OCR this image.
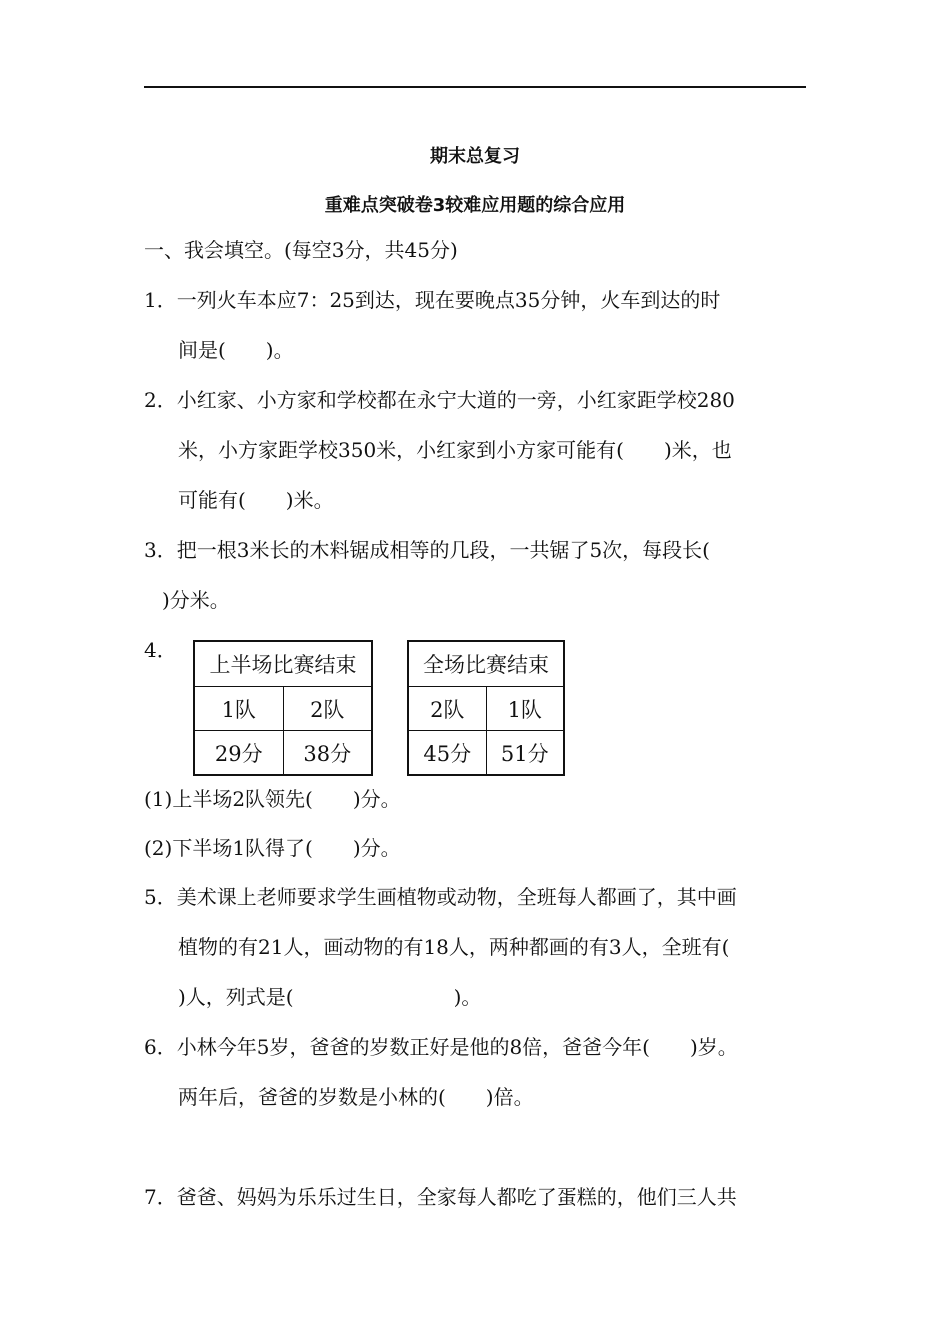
期末总复习
重难点突破卷3较难应用题的综合应用
一、我会填空。(每空3分，共45分)
1．一列火车本应7：25到达，现在要晚点35分钟，火车到达的时
间是(　　)。
2．小红家、小方家和学校都在永宁大道的一旁，小红家距学校280
米，小方家距学校350米，小红家到小方家可能有(　　)米，也
可能有(　　)米。
3．把一根3米长的木料锯成相等的几段，一共锯了5次，每段长(
)分米。
4．
上半场比赛结束	
1队	2队
29分	38分
全场比赛结束	
2队	1队
45分	51分
(1)上半场2队领先(　　)分。
(2)下半场1队得了(　　)分。
5．美术课上老师要求学生画植物或动物，全班每人都画了，其中画
植物的有21人，画动物的有18人，两种都画的有3人，全班有(
)人，列式是(　　　　　　　　)。
6．小林今年5岁，爸爸的岁数正好是他的8倍，爸爸今年(　　)岁。
两年后，爸爸的岁数是小林的(　　)倍。
7．爸爸、妈妈为乐乐过生日，全家每人都吃了蛋糕的，他们三人共
